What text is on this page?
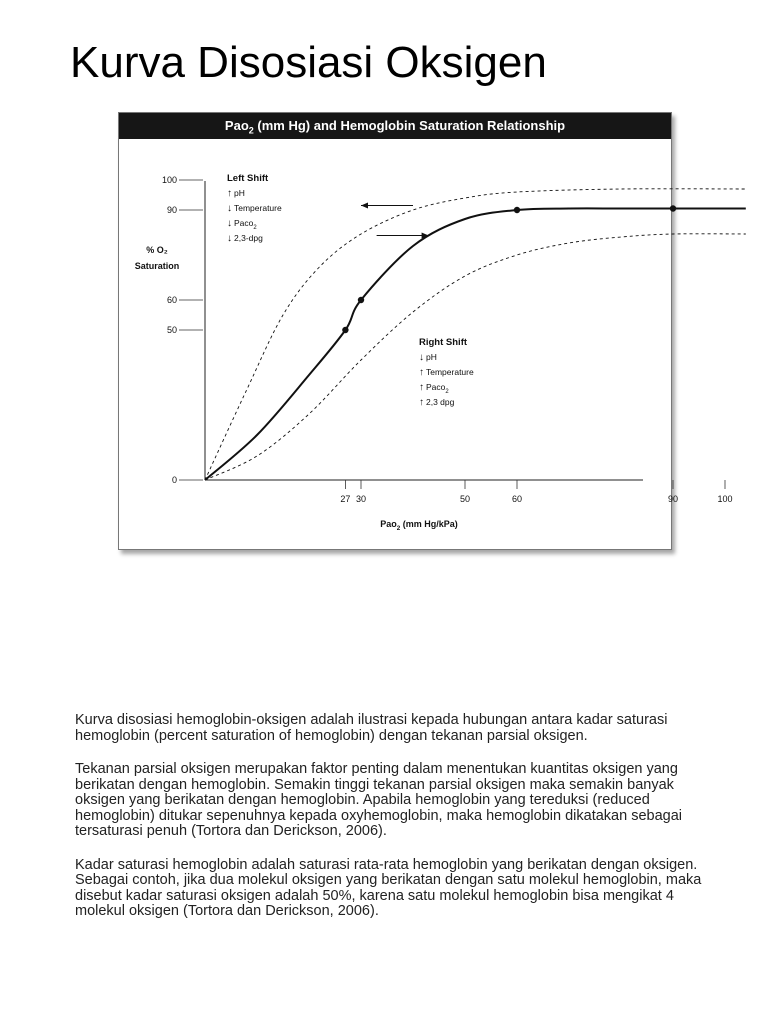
Kurva Disosiasi Oksigen
Pao$_2$ (mm Hg) and Hemoglobin Saturation Relationship
0
50
60
90
100
27 30	50	60	90	100
% O₂
Saturation
Pao$_2$ (mm Hg/kPa)
Left Shift
↑ pH
↓ Temperature
↓ Paco$_2$
↓ 2,3-dpg
Right Shift
↓ pH
↑ Temperature
↑ Paco$_2$
↑ 2,3 dpg

Kurva disosiasi hemoglobin-oksigen adalah ilustrasi kepada hubungan antara kadar saturasi hemoglobin (percent saturation of hemoglobin) dengan tekanan parsial oksigen.

Tekanan parsial oksigen merupakan faktor penting dalam menentukan kuantitas oksigen yang berikatan dengan hemoglobin. Semakin tinggi tekanan parsial oksigen maka semakin banyak oksigen yang berikatan dengan hemoglobin. Apabila hemoglobin yang tereduksi (reduced hemoglobin) ditukar sepenuhnya kepada oxyhemoglobin, maka hemoglobin dikatakan sebagai tersaturasi penuh (Tortora dan Derickson, 2006).

Kadar saturasi hemoglobin adalah saturasi rata-rata hemoglobin yang berikatan dengan oksigen. Sebagai contoh, jika dua molekul oksigen yang berikatan dengan satu molekul hemoglobin, maka disebut kadar saturasi oksigen adalah 50%, karena satu molekul hemoglobin bisa mengikat 4 molekul oksigen (Tortora dan Derickson, 2006).
